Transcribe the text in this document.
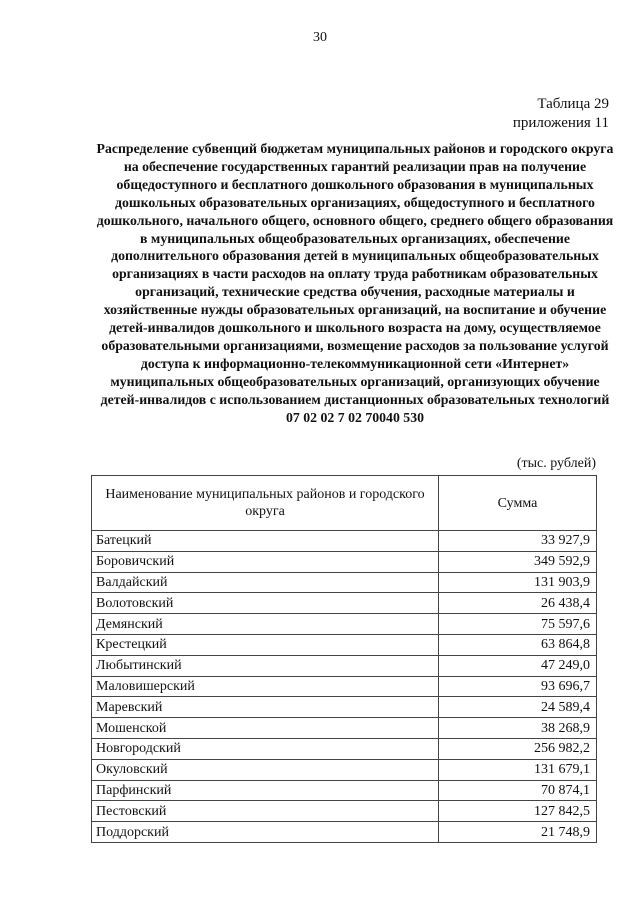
30
Таблица 29
приложения 11
Распределение субвенций бюджетам муниципальных районов и городского округа на обеспечение государственных гарантий реализации прав на получение общедоступного и бесплатного дошкольного образования в муниципальных дошкольных образовательных организациях, общедоступного и бесплатного дошкольного, начального общего, основного общего, среднего общего образования в муниципальных общеобразовательных организациях, обеспечение дополнительного образования детей в муниципальных общеобразовательных организациях в части расходов на оплату труда работникам образовательных организаций, технические средства обучения, расходные материалы и хозяйственные нужды образовательных организаций, на воспитание и обучение детей-инвалидов дошкольного и школьного возраста на дому, осуществляемое образовательными организациями, возмещение расходов за пользование услугой доступа к информационно-телекоммуникационной сети «Интернет» муниципальных общеобразовательных организаций, организующих обучение детей-инвалидов с использованием дистанционных образовательных технологий
07 02 02 7 02 70040 530
(тыс. рублей)
Наименование муниципальных районов и городского округа	Сумма
Батецкий	33 927,9
Боровичский	349 592,9
Валдайский	131 903,9
Волотовский	26 438,4
Демянский	75 597,6
Крестецкий	63 864,8
Любытинский	47 249,0
Маловишерский	93 696,7
Маревский	24 589,4
Мошенской	38 268,9
Новгородский	256 982,2
Окуловский	131 679,1
Парфинский	70 874,1
Пестовский	127 842,5
Поддорский	21 748,9
